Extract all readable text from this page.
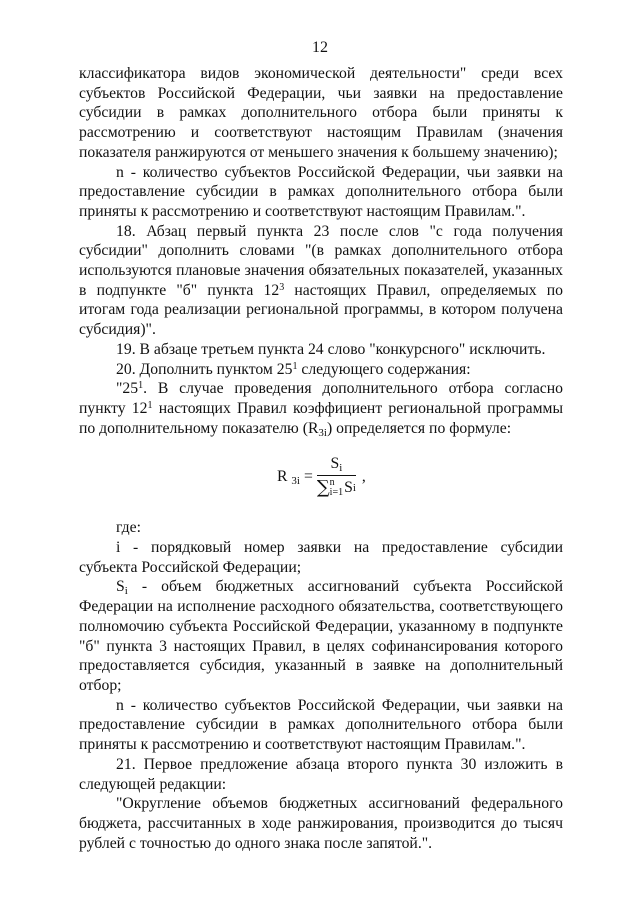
12

классификатора видов экономической деятельности" среди всех субъектов Российской Федерации, чьи заявки на предоставление субсидии в рамках дополнительного отбора были приняты к рассмотрению и соответствуют настоящим Правилам (значения показателя ранжируются от меньшего значения к большему значению);

n - количество субъектов Российской Федерации, чьи заявки на предоставление субсидии в рамках дополнительного отбора были приняты к рассмотрению и соответствуют настоящим Правилам.".

18. Абзац первый пункта 23 после слов "с года получения субсидии" дополнить словами "(в рамках дополнительного отбора используются плановые значения обязательных показателей, указанных в подпункте "б" пункта $12^3$ настоящих Правил, определяемых по итогам года реализации региональной программы, в котором получена субсидия)".

19. В абзаце третьем пункта 24 слово "конкурсного" исключить.

20. Дополнить пунктом $25^1$ следующего содержания:

"$25^1$. В случае проведения дополнительного отбора согласно пункту $12^1$ настоящих Правил коэффициент региональной программы по дополнительному показателю (R3i) определяется по формуле:

R 3i =
Si
∑ n
i=1 S i
,

где:

i - порядковый номер заявки на предоставление субсидии субъекта Российской Федерации;

Si - объем бюджетных ассигнований субъекта Российской Федерации на исполнение расходного обязательства, соответствующего полномочию субъекта Российской Федерации, указанному в подпункте "б" пункта 3 настоящих Правил, в целях софинансирования которого предоставляется субсидия, указанный в заявке на дополнительный отбор;

n - количество субъектов Российской Федерации, чьи заявки на предоставление субсидии в рамках дополнительного отбора были приняты к рассмотрению и соответствуют настоящим Правилам.".

21. Первое предложение абзаца второго пункта 30 изложить в следующей редакции:

"Округление объемов бюджетных ассигнований федерального бюджета, рассчитанных в ходе ранжирования, производится до тысяч рублей с точностью до одного знака после запятой.".
